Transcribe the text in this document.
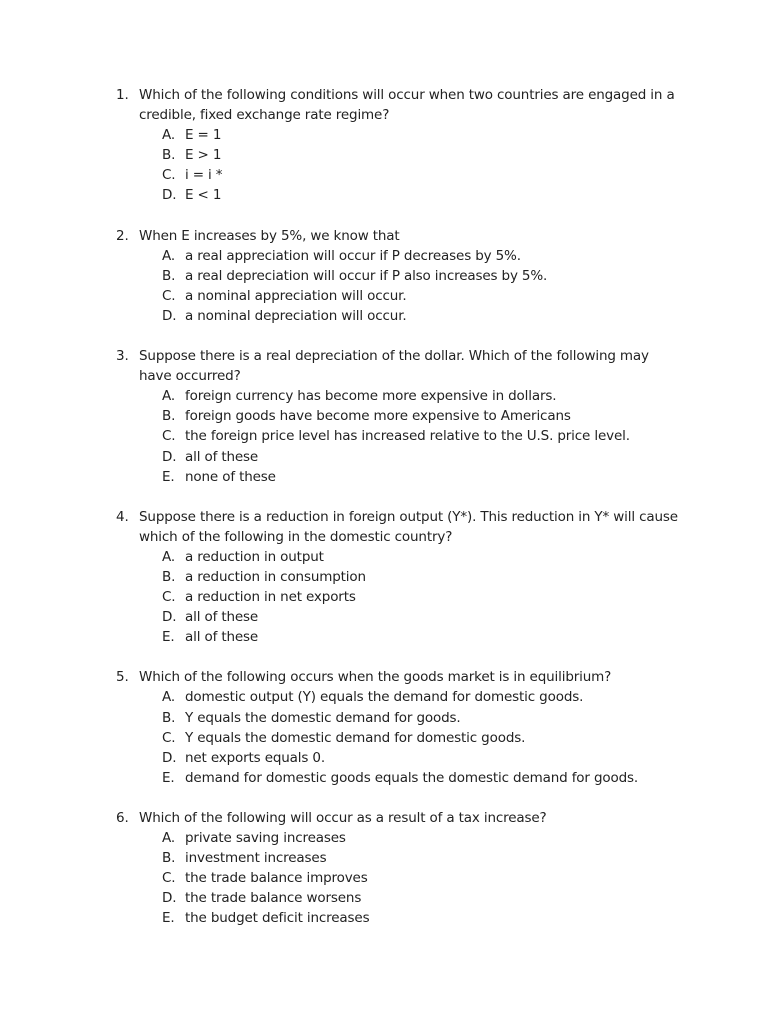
1. Which of the following conditions will occur when two countries are engaged in a credible, fixed exchange rate regime?
A. E = 1
B. E > 1
C. i = i *
D. E < 1
2. When E increases by 5%, we know that
A. a real appreciation will occur if P decreases by 5%.
B. a real depreciation will occur if P also increases by 5%.
C. a nominal appreciation will occur.
D. a nominal depreciation will occur.
3. Suppose there is a real depreciation of the dollar. Which of the following may have occurred?
A. foreign currency has become more expensive in dollars.
B. foreign goods have become more expensive to Americans
C. the foreign price level has increased relative to the U.S. price level.
D. all of these
E. none of these
4. Suppose there is a reduction in foreign output (Y*). This reduction in Y* will cause which of the following in the domestic country?
A. a reduction in output
B. a reduction in consumption
C. a reduction in net exports
D. all of these
E. all of these
5. Which of the following occurs when the goods market is in equilibrium?
A. domestic output (Y) equals the demand for domestic goods.
B. Y equals the domestic demand for goods.
C. Y equals the domestic demand for domestic goods.
D. net exports equals 0.
E. demand for domestic goods equals the domestic demand for goods.
6. Which of the following will occur as a result of a tax increase?
A. private saving increases
B. investment increases
C. the trade balance improves
D. the trade balance worsens
E. the budget deficit increases
